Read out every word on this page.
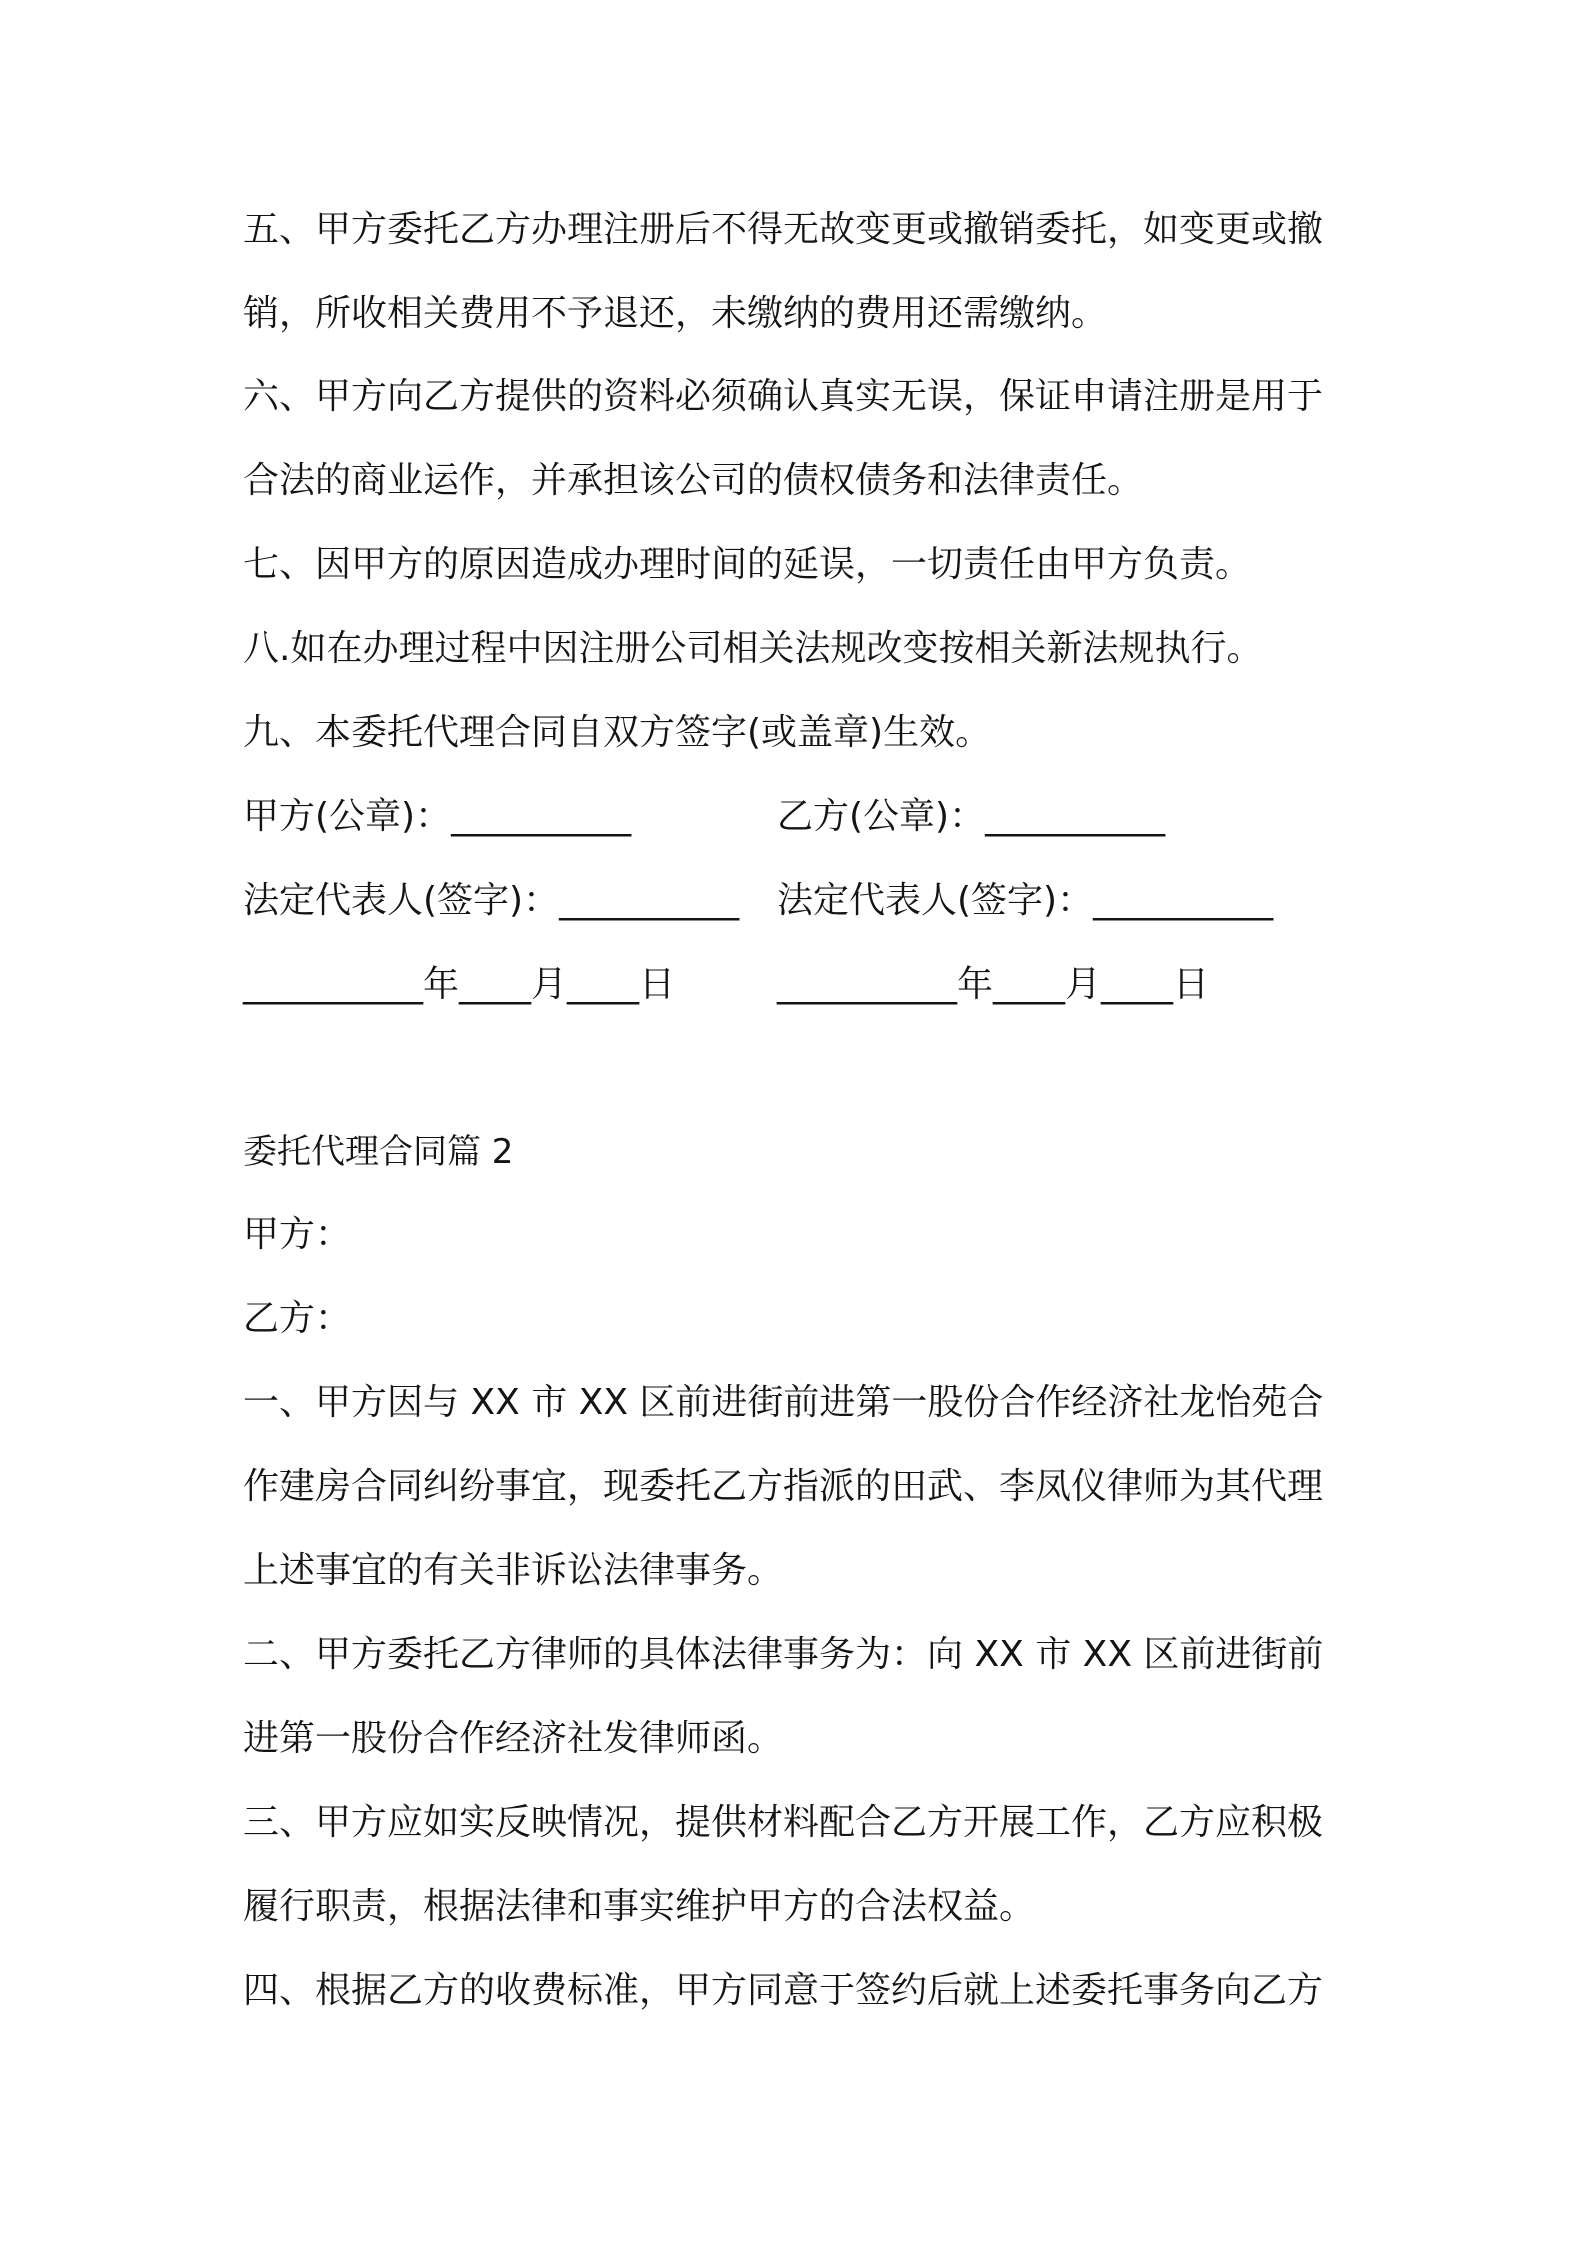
五、甲方委托乙方办理注册后不得无故变更或撤销委托，如变更或撤

销，所收相关费用不予退还，未缴纳的费用还需缴纳。

六、甲方向乙方提供的资料必须确认真实无误，保证申请注册是用于

合法的商业运作，并承担该公司的债权债务和法律责任。

七、因甲方的原因造成办理时间的延误，一切责任由甲方负责。

八.如在办理过程中因注册公司相关法规改变按相关新法规执行。

九、本委托代理合同自双方签字(或盖章)生效。

甲方(公章)：__________	乙方(公章)：__________

法定代表人(签字)：__________ 法定代表人(签字)：__________

__________年____月____日	__________年____月____日

委托代理合同篇 2

甲方：

乙方：

一、甲方因与 XX 市 XX 区前进街前进第一股份合作经济社龙怡苑合

作建房合同纠纷事宜，现委托乙方指派的田武、李凤仪律师为其代理

上述事宜的有关非诉讼法律事务。

二、甲方委托乙方律师的具体法律事务为：向 XX 市 XX 区前进街前

进第一股份合作经济社发律师函。

三、甲方应如实反映情况，提供材料配合乙方开展工作，乙方应积极

履行职责，根据法律和事实维护甲方的合法权益。

四、根据乙方的收费标准，甲方同意于签约后就上述委托事务向乙方
